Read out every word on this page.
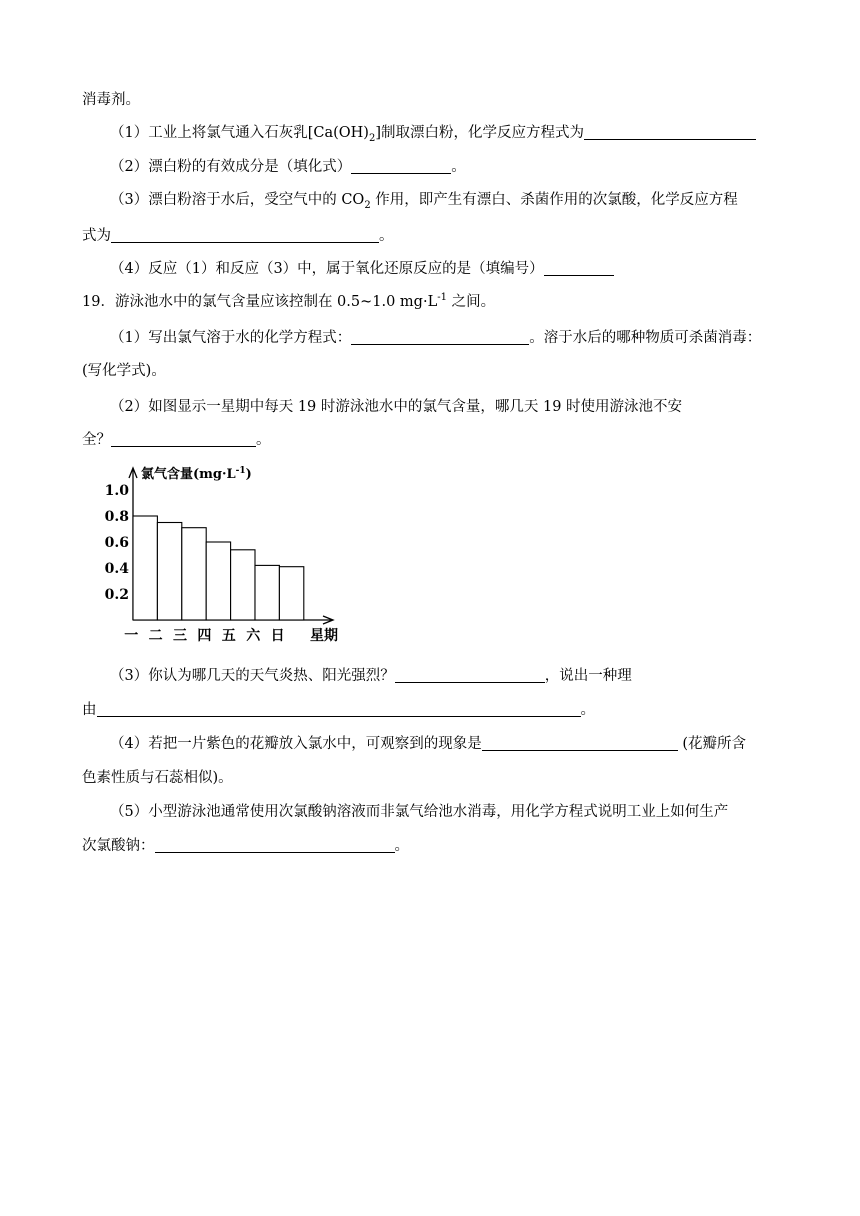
消毒剂。
（1）工业上将氯气通入石灰乳$[Ca(OH)_2]$制取漂白粉，化学反应方程式为
（2）漂白粉的有效成分是（填化式）	。
（3）漂白粉溶于水后，受空气中的 $CO_2$ 作用，即产生有漂白、杀菌作用的次氯酸，化学反应方程
式为	。
（4）反应（1）和反应（3）中，属于氧化还原反应的是（填编号）
19．游泳池水中的氯气含量应该控制在 0.5~1.0 $mg\cdot L^{-1}$ 之间。
（1）写出氯气溶于水的化学方程式：	。溶于水后的哪种物质可杀菌消毒：
(写化学式)。
（2）如图显示一星期中每天 19 时游泳池水中的氯气含量，哪几天 19 时使用游泳池不安
全？	。
1.0
0.8
0.6
0.4
0.2
一 二 三 四 五 六 日 星期
氯气含量$(mg\cdot L^{-1})$
（3）你认为哪几天的天气炎热、阳光强烈？	，说出一种理
由	。
（4）若把一片紫色的花瓣放入氯水中，可观察到的现象是	(花瓣所含
色素性质与石蕊相似)。
（5）小型游泳池通常使用次氯酸钠溶液而非氯气给池水消毒，用化学方程式说明工业上如何生产
次氯酸钠：	。
